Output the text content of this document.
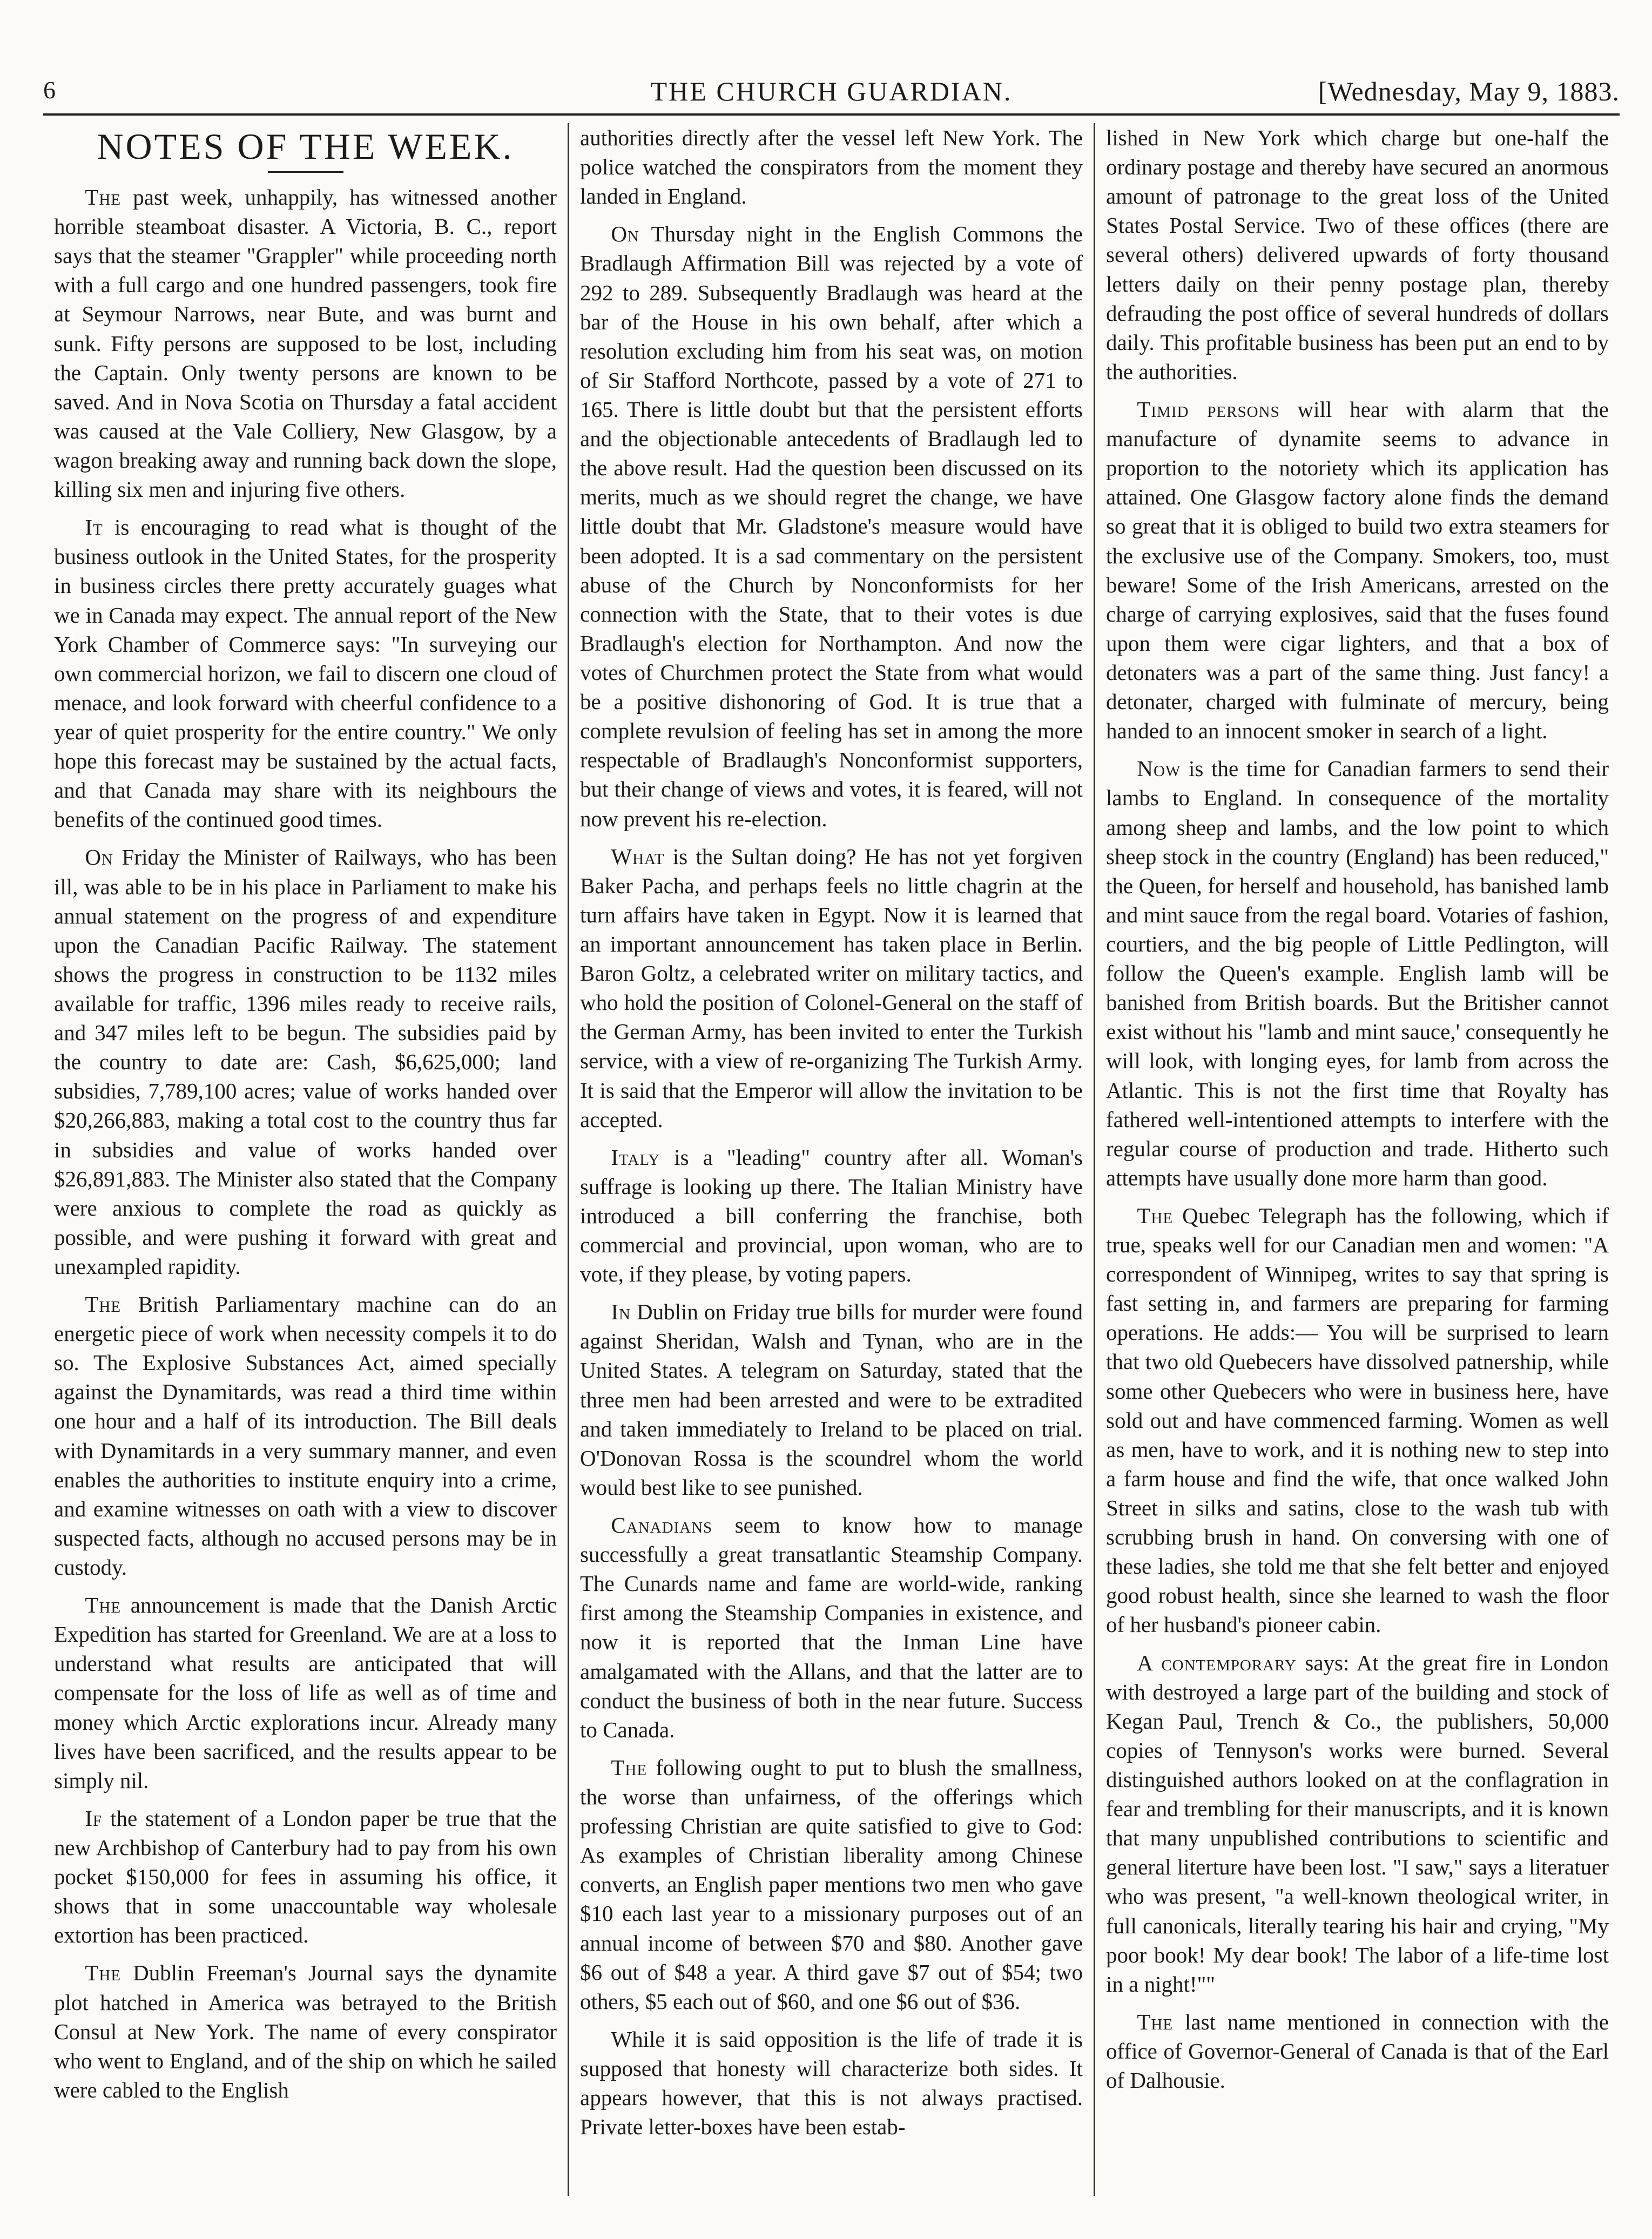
6	THE CHURCH GUARDIAN.	[Wednesday, May 9, 1883.
NOTES OF THE WEEK.

The past week, unhappily, has witnessed another horrible steamboat disaster. A Victoria, B. C., report says that the steamer "Grappler" while proceeding north with a full cargo and one hundred passengers, took fire at Seymour Narrows, near Bute, and was burnt and sunk. Fifty persons are supposed to be lost, including the Captain. Only twenty persons are known to be saved. And in Nova Scotia on Thursday a fatal accident was caused at the Vale Colliery, New Glasgow, by a wagon breaking away and running back down the slope, killing six men and injuring five others.

It is encouraging to read what is thought of the business outlook in the United States, for the prosperity in business circles there pretty accurately guages what we in Canada may expect. The annual report of the New York Chamber of Commerce says: "In surveying our own commercial horizon, we fail to discern one cloud of menace, and look forward with cheerful confidence to a year of quiet prosperity for the entire country." We only hope this forecast may be sustained by the actual facts, and that Canada may share with its neighbours the benefits of the continued good times.

On Friday the Minister of Railways, who has been ill, was able to be in his place in Parliament to make his annual statement on the progress of and expenditure upon the Canadian Pacific Railway. The statement shows the progress in construction to be 1132 miles available for traffic, 1396 miles ready to receive rails, and 347 miles left to be begun. The subsidies paid by the country to date are: Cash, $6,625,000; land subsidies, 7,789,100 acres; value of works handed over $20,266,883, making a total cost to the country thus far in subsidies and value of works handed over $26,891,883. The Minister also stated that the Company were anxious to complete the road as quickly as possible, and were pushing it forward with great and unexampled rapidity.

The British Parliamentary machine can do an energetic piece of work when necessity compels it to do so. The Explosive Substances Act, aimed specially against the Dynamitards, was read a third time within one hour and a half of its introduction. The Bill deals with Dynamitards in a very summary manner, and even enables the authorities to institute enquiry into a crime, and examine witnesses on oath with a view to discover suspected facts, although no accused persons may be in custody.

The announcement is made that the Danish Arctic Expedition has started for Greenland. We are at a loss to understand what results are anticipated that will compensate for the loss of life as well as of time and money which Arctic explorations incur. Already many lives have been sacrificed, and the results appear to be simply nil.

If the statement of a London paper be true that the new Archbishop of Canterbury had to pay from his own pocket $150,000 for fees in assuming his office, it shows that in some unaccountable way wholesale extortion has been practiced.

The Dublin Freeman's Journal says the dynamite plot hatched in America was betrayed to the British Consul at New York. The name of every conspirator who went to England, and of the ship on which he sailed were cabled to the English

authorities directly after the vessel left New York. The police watched the conspirators from the moment they landed in England.

On Thursday night in the English Commons the Bradlaugh Affirmation Bill was rejected by a vote of 292 to 289. Subsequently Bradlaugh was heard at the bar of the House in his own behalf, after which a resolution excluding him from his seat was, on motion of Sir Stafford Northcote, passed by a vote of 271 to 165. There is little doubt but that the persistent efforts and the objectionable antecedents of Bradlaugh led to the above result. Had the question been discussed on its merits, much as we should regret the change, we have little doubt that Mr. Gladstone's measure would have been adopted. It is a sad commentary on the persistent abuse of the Church by Nonconformists for her connection with the State, that to their votes is due Bradlaugh's election for Northampton. And now the votes of Churchmen protect the State from what would be a positive dishonoring of God. It is true that a complete revulsion of feeling has set in among the more respectable of Bradlaugh's Nonconformist supporters, but their change of views and votes, it is feared, will not now prevent his re-election.

What is the Sultan doing? He has not yet forgiven Baker Pacha, and perhaps feels no little chagrin at the turn affairs have taken in Egypt. Now it is learned that an important announcement has taken place in Berlin. Baron Goltz, a celebrated writer on military tactics, and who hold the position of Colonel-General on the staff of the German Army, has been invited to enter the Turkish service, with a view of re-organizing The Turkish Army. It is said that the Emperor will allow the invitation to be accepted.

Italy is a "leading" country after all. Woman's suffrage is looking up there. The Italian Ministry have introduced a bill conferring the franchise, both commercial and provincial, upon woman, who are to vote, if they please, by voting papers.

In Dublin on Friday true bills for murder were found against Sheridan, Walsh and Tynan, who are in the United States. A telegram on Saturday, stated that the three men had been arrested and were to be extradited and taken immediately to Ireland to be placed on trial. O'Donovan Rossa is the scoundrel whom the world would best like to see punished.

Canadians seem to know how to manage successfully a great transatlantic Steamship Company. The Cunards name and fame are world-wide, ranking first among the Steamship Companies in existence, and now it is reported that the Inman Line have amalgamated with the Allans, and that the latter are to conduct the business of both in the near future. Success to Canada.

The following ought to put to blush the smallness, the worse than unfairness, of the offerings which professing Christian are quite satisfied to give to God: As examples of Christian liberality among Chinese converts, an English paper mentions two men who gave $10 each last year to a missionary purposes out of an annual income of between $70 and $80. Another gave $6 out of $48 a year. A third gave $7 out of $54; two others, $5 each out of $60, and one $6 out of $36.

While it is said opposition is the life of trade it is supposed that honesty will characterize both sides. It appears however, that this is not always practised. Private letter-boxes have been estab-

lished in New York which charge but one-half the ordinary postage and thereby have secured an anormous amount of patronage to the great loss of the United States Postal Service. Two of these offices (there are several others) delivered upwards of forty thousand letters daily on their penny postage plan, thereby defrauding the post office of several hundreds of dollars daily. This profitable business has been put an end to by the authorities.

Timid persons will hear with alarm that the manufacture of dynamite seems to advance in proportion to the notoriety which its application has attained. One Glasgow factory alone finds the demand so great that it is obliged to build two extra steamers for the exclusive use of the Company. Smokers, too, must beware! Some of the Irish Americans, arrested on the charge of carrying explosives, said that the fuses found upon them were cigar lighters, and that a box of detonaters was a part of the same thing. Just fancy! a detonater, charged with fulminate of mercury, being handed to an innocent smoker in search of a light.

Now is the time for Canadian farmers to send their lambs to England. In consequence of the mortality among sheep and lambs, and the low point to which sheep stock in the country (England) has been reduced," the Queen, for herself and household, has banished lamb and mint sauce from the regal board. Votaries of fashion, courtiers, and the big people of Little Pedlington, will follow the Queen's example. English lamb will be banished from British boards. But the Britisher cannot exist without his "lamb and mint sauce,' consequently he will look, with longing eyes, for lamb from across the Atlantic. This is not the first time that Royalty has fathered well-intentioned attempts to interfere with the regular course of production and trade. Hitherto such attempts have usually done more harm than good.

The Quebec Telegraph has the following, which if true, speaks well for our Canadian men and women: "A correspondent of Winnipeg, writes to say that spring is fast setting in, and farmers are preparing for farming operations. He adds:— You will be surprised to learn that two old Quebecers have dissolved patnership, while some other Quebecers who were in business here, have sold out and have commenced farming. Women as well as men, have to work, and it is nothing new to step into a farm house and find the wife, that once walked John Street in silks and satins, close to the wash tub with scrubbing brush in hand. On conversing with one of these ladies, she told me that she felt better and enjoyed good robust health, since she learned to wash the floor of her husband's pioneer cabin.

A contemporary says: At the great fire in London with destroyed a large part of the building and stock of Kegan Paul, Trench & Co., the publishers, 50,000 copies of Tennyson's works were burned. Several distinguished authors looked on at the conflagration in fear and trembling for their manuscripts, and it is known that many unpublished contributions to scientific and general literture have been lost. "I saw," says a literatuer who was present, "a well-known theological writer, in full canonicals, literally tearing his hair and crying, "My poor book! My dear book! The labor of a life-time lost in a night!""

The last name mentioned in connection with the office of Governor-General of Canada is that of the Earl of Dalhousie.
